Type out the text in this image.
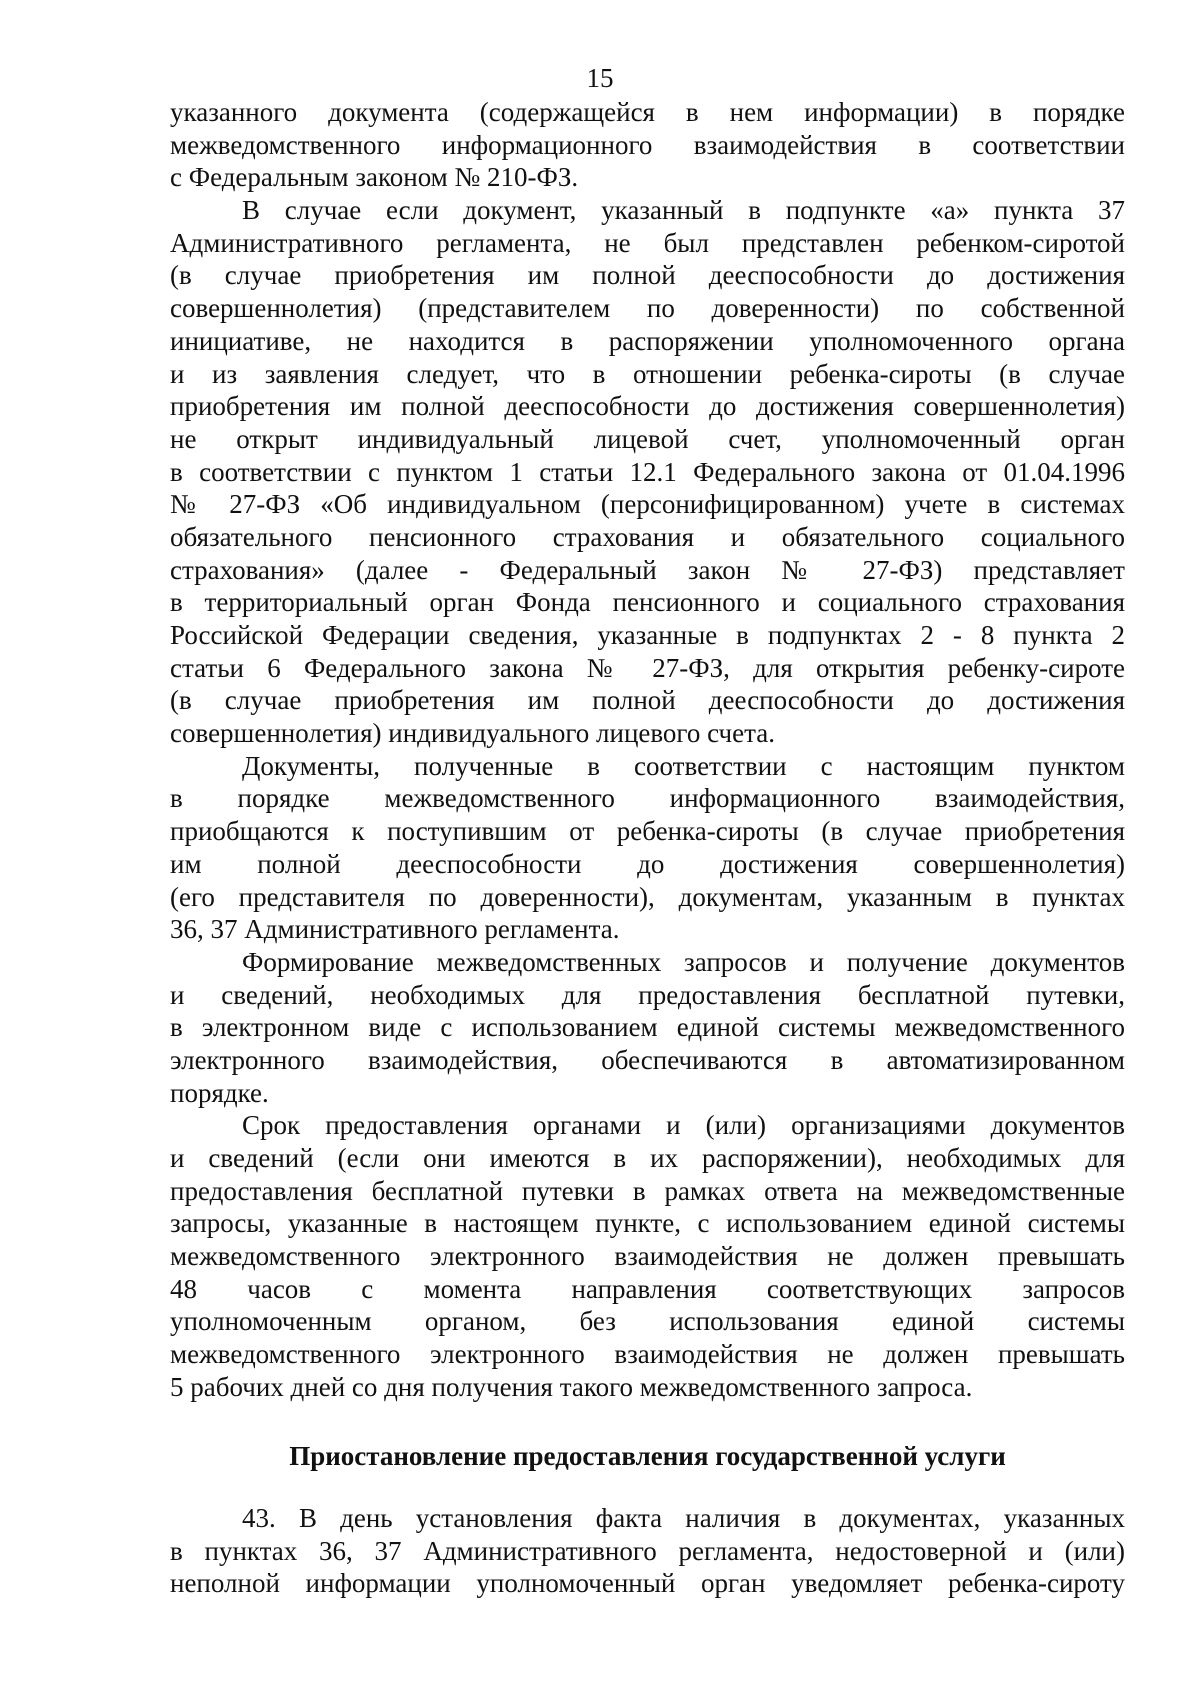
15
указанного документа (содержащейся в нем информации) в порядке
межведомственного информационного взаимодействия в соответствии
с Федеральным законом № 210-ФЗ.
В случае если документ, указанный в подпункте «а» пункта 37
Административного регламента, не был представлен ребенком-сиротой
(в случае приобретения им полной дееспособности до достижения
совершеннолетия) (представителем по доверенности) по собственной
инициативе, не находится в распоряжении уполномоченного органа
и из заявления следует, что в отношении ребенка-сироты (в случае
приобретения им полной дееспособности до достижения совершеннолетия)
не открыт индивидуальный лицевой счет, уполномоченный орган
в соответствии с пунктом 1 статьи 12.1 Федерального закона от 01.04.1996
№ 27-ФЗ «Об индивидуальном (персонифицированном) учете в системах
обязательного пенсионного страхования и обязательного социального
страхования» (далее - Федеральный закон № 27-ФЗ) представляет
в территориальный орган Фонда пенсионного и социального страхования
Российской Федерации сведения, указанные в подпунктах 2 - 8 пункта 2
статьи 6 Федерального закона № 27-ФЗ, для открытия ребенку-сироте
(в случае приобретения им полной дееспособности до достижения
совершеннолетия) индивидуального лицевого счета.
Документы, полученные в соответствии с настоящим пунктом
в порядке межведомственного информационного взаимодействия,
приобщаются к поступившим от ребенка-сироты (в случае приобретения
им полной дееспособности до достижения совершеннолетия)
(его представителя по доверенности), документам, указанным в пунктах
36, 37 Административного регламента.
Формирование межведомственных запросов и получение документов
и сведений, необходимых для предоставления бесплатной путевки,
в электронном виде с использованием единой системы межведомственного
электронного взаимодействия, обеспечиваются в автоматизированном
порядке.
Срок предоставления органами и (или) организациями документов
и сведений (если они имеются в их распоряжении), необходимых для
предоставления бесплатной путевки в рамках ответа на межведомственные
запросы, указанные в настоящем пункте, с использованием единой системы
межведомственного электронного взаимодействия не должен превышать
48 часов с момента направления соответствующих запросов
уполномоченным органом, без использования единой системы
межведомственного электронного взаимодействия не должен превышать
5 рабочих дней со дня получения такого межведомственного запроса.
Приостановление предоставления государственной услуги
43. В день установления факта наличия в документах, указанных
в пунктах 36, 37 Административного регламента, недостоверной и (или)
неполной информации уполномоченный орган уведомляет ребенка-сироту
